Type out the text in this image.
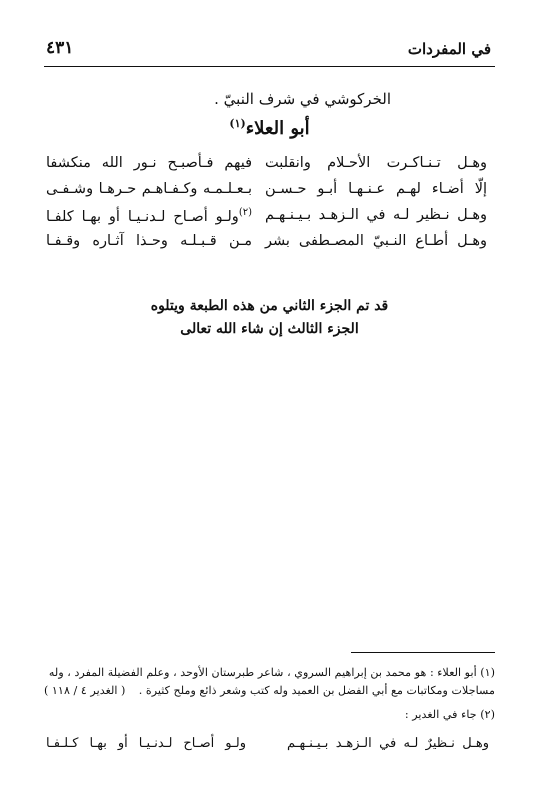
في المفردات
٤٣١
الخركوشي في شرف النبيّ .
أبو العلاء$^{(١)}$
وهـل تـنـاكـرت الأحـلام وانقلبت
فيهم فـأصبـح نـور الله منكشفا
إلّا أضـاء لهـم عـنـهـا أبـو حـسـن
بـعـلـمـه وكـفـاهـم حـرهـا وشـفـى
وهـل نـظير لـه في الـزهـد بـيـنـهـم
$^{(٢)}$ولـو أصـاح لـدنـيـا أو بهـا كلفـا
وهـل أطـاع النـبيّ المصـطفى بشر
مـن قـبـلـه وحـذا آثـاره وقـفـا
قد تم الجزء الثاني من هذه الطبعة ويتلوه
الجزء الثالث إن شاء الله تعالى
(١) أبو العلاء : هو محمد بن إبراهيم السروي ، شاعر طبرستان الأوحد ، وعلم الفضيلة المفرد ، وله
مساجلات ومكاتبات مع أبي الفضل بن العميد وله كتب وشعر ذائع وملح كثيرة .
( الغدير ٤ / ١١٨ )
(٢) جاء في الغدير :
وهـل نـظيرٌ لـه في الـزهـد بـيـنـهـم
ولـو أصـاح لـدنـيـا أو بهـا كـلـفـا
